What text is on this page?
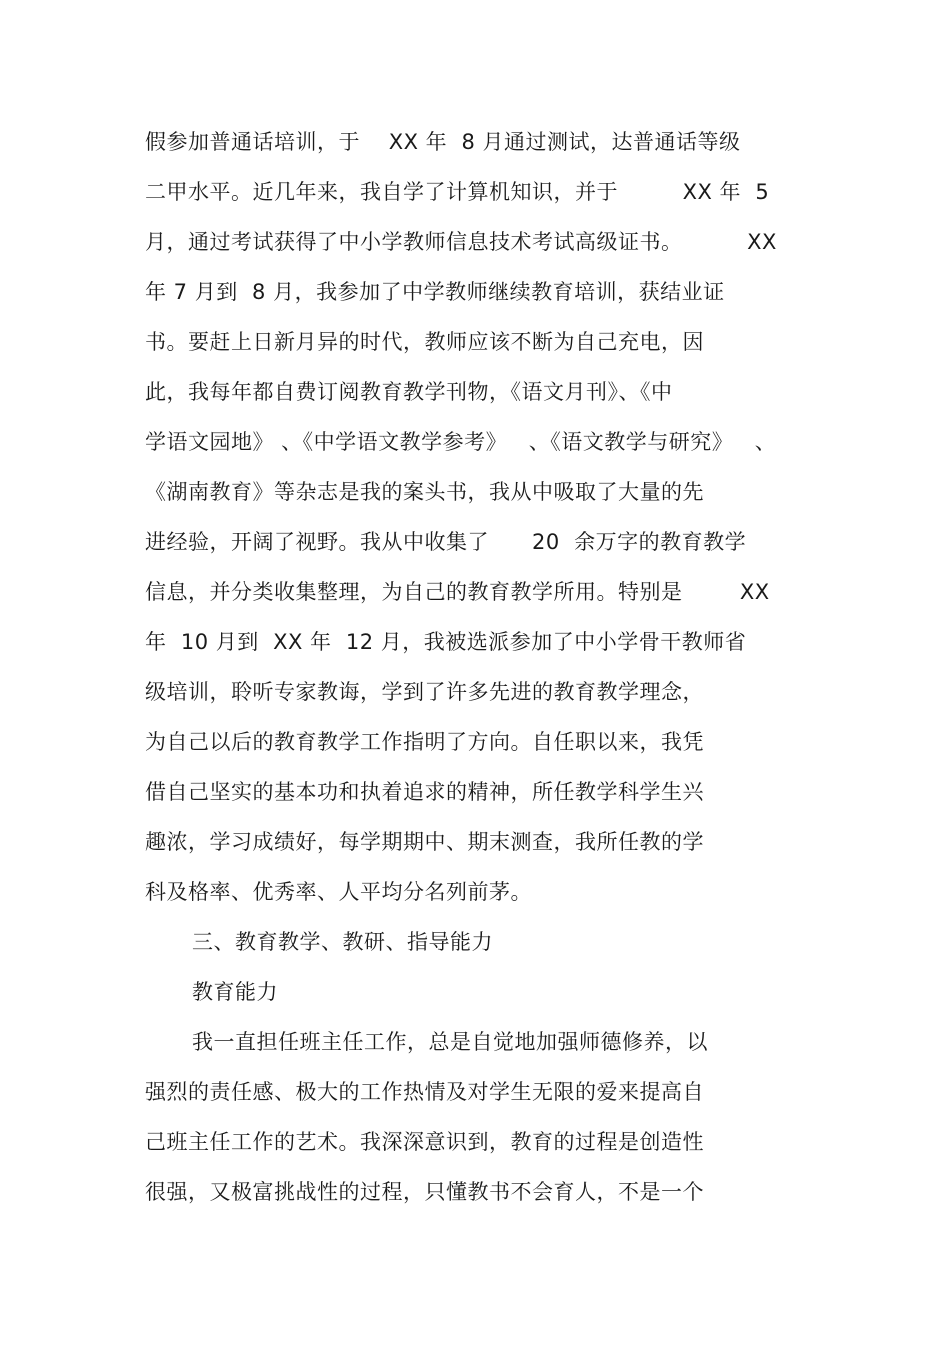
假参加普通话培训，于    XX 年  8 月通过测试，达普通话等级
二甲水平。近几年来，我自学了计算机知识，并于         XX 年  5
月，通过考试获得了中小学教师信息技术考试高级证书。         XX
年 7 月到  8 月，我参加了中学教师继续教育培训，获结业证
书。要赶上日新月异的时代，教师应该不断为自己充电，因
此，我每年都自费订阅教育教学刊物，《语文月刊》、《中
学语文园地》 、《中学语文教学参考》   、《语文教学与研究》   、
《湖南教育》等杂志是我的案头书，我从中吸取了大量的先
进经验，开阔了视野。我从中收集了      20  余万字的教育教学
信息，并分类收集整理，为自己的教育教学所用。特别是        XX
年  10 月到  XX 年  12 月，我被选派参加了中小学骨干教师省
级培训，聆听专家教诲，学到了许多先进的教育教学理念，
为自己以后的教育教学工作指明了方向。自任职以来，我凭
借自己坚实的基本功和执着追求的精神，所任教学科学生兴
趣浓，学习成绩好，每学期期中、期末测查，我所任教的学
科及格率、优秀率、人平均分名列前茅。
三、教育教学、教研、指导能力
教育能力
我一直担任班主任工作，总是自觉地加强师德修养，以
强烈的责任感、极大的工作热情及对学生无限的爱来提高自
己班主任工作的艺术。我深深意识到，教育的过程是创造性
很强，又极富挑战性的过程，只懂教书不会育人，不是一个
